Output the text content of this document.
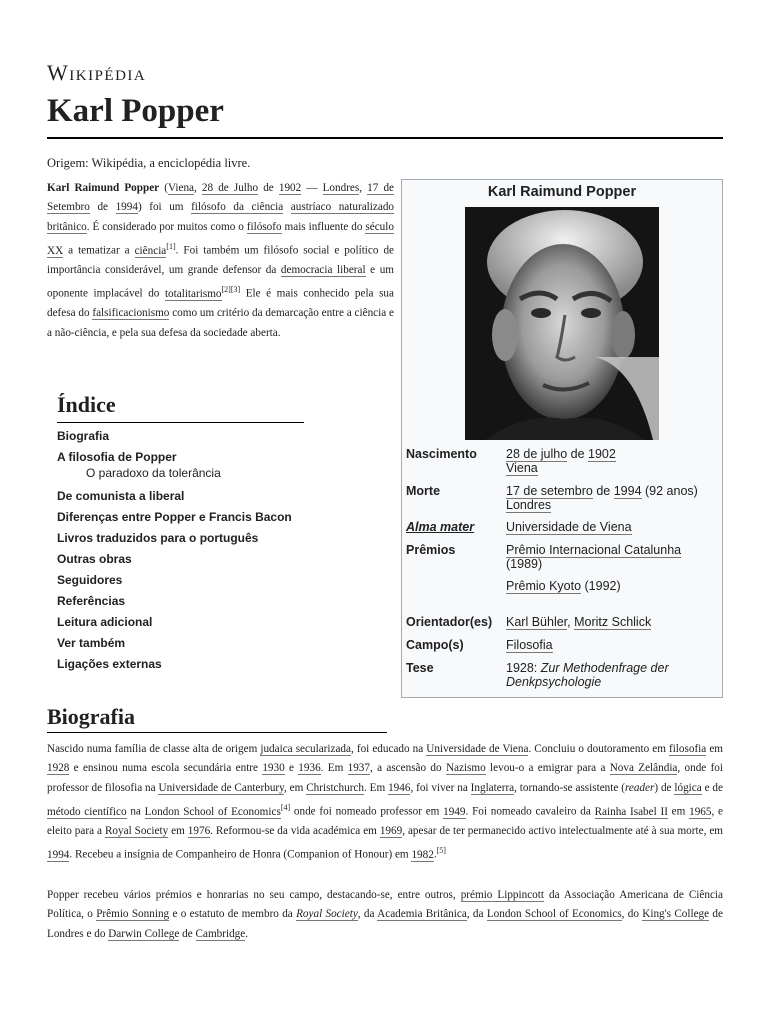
Wikipédia
Karl Popper
Origem: Wikipédia, a enciclopédia livre.
Karl Raimund Popper (Viena, 28 de Julho de 1902 — Londres, 17 de Setembro de 1994) foi um filósofo da ciência austríaco naturalizado britânico. É considerado por muitos como o filósofo mais influente do século XX a tematizar a ciência[1]. Foi também um filósofo social e político de importância considerável, um grande defensor da democracia liberal e um oponente implacável do totalitarismo[2][3] Ele é mais conhecido pela sua defesa do falsificacionismo como um critério da demarcação entre a ciência e a não-ciência, e pela sua defesa da sociedade aberta.
Karl Raimund Popper
Nascimento 28 de julho de 1902
Viena
Morte	17 de setembro de 1994 (92 anos)
Londres
Alma mater	Universidade de Viena
Prêmios	Prêmio Internacional Catalunha
(1989)
Prêmio Kyoto (1992)
Orientador(es) Karl Bühler, Moritz Schlick
Campo(s)	Filosofia
Tese	1928: Zur Methodenfrage der Denkpsychologie
Índice
Biografia
A filosofia de Popper
O paradoxo da tolerância
De comunista a liberal
Diferenças entre Popper e Francis Bacon
Livros traduzidos para o português
Outras obras
Seguidores
Referências
Leitura adicional
Ver também
Ligações externas
Biografia
Nascido numa família de classe alta de origem judaica secularizada, foi educado na Universidade de Viena. Concluiu o doutoramento em filosofia em 1928 e ensinou numa escola secundária entre 1930 e 1936. Em 1937, a ascensão do Nazismo levou-o a emigrar para a Nova Zelândia, onde foi professor de filosofia na Universidade de Canterbury, em Christchurch. Em 1946, foi viver na Inglaterra, tornando-se assistente (reader) de lógica e de método científico na London School of Economics[4] onde foi nomeado professor em 1949. Foi nomeado cavaleiro da Rainha Isabel II em 1965, e eleito para a Royal Society em 1976. Reformou-se da vida académica em 1969, apesar de ter permanecido activo intelectualmente até à sua morte, em 1994. Recebeu a insígnia de Companheiro de Honra (Companion of Honour) em 1982.[5]
Popper recebeu vários prémios e honrarias no seu campo, destacando-se, entre outros, prémio Lippincott da Associação Americana de Ciência Política, o Prêmio Sonning e o estatuto de membro da Royal Society, da Academia Britânica, da London School of Economics, do King's College de Londres e do Darwin College de Cambridge.
